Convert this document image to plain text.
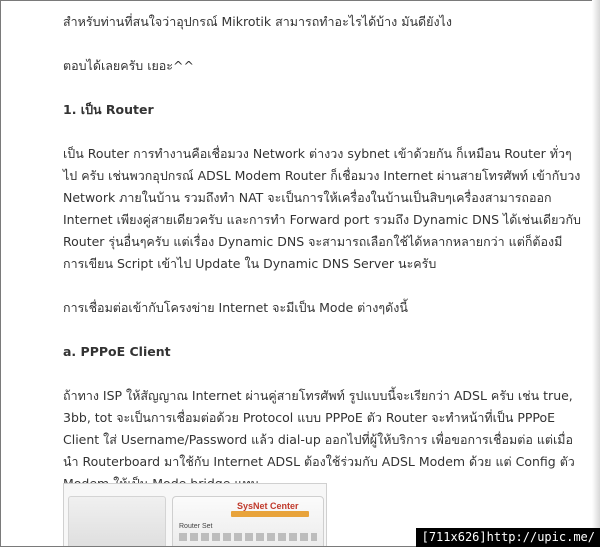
สำหรับท่านที่สนใจว่าอุปกรณ์ Mikrotik สามารถทำอะไรได้บ้าง มันดียังไง

ตอบได้เลยครับ เยอะ^^

1. เป็น Router

เป็น Router การทำงานคือเชื่อมวง Network ต่างวง sybnet เข้าด้วยกัน ก็เหมือน Router ทั่วๆไป ครับ เช่นพวกอุปกรณ์ ADSL Modem Router ก็เชื่อมวง Internet ผ่านสายโทรศัพท์ เข้ากับวง Network ภายในบ้าน รวมถึงทำ NAT จะเป็นการให้เครื่องในบ้านเป็นสิบๆเครื่องสามารถออก Internet เพียงคู่สายเดียวครับ และการทำ Forward port รวมถึง Dynamic DNS ได้เช่นเดียวกับ Router รุ่นอื่นๆครับ แต่เรื่อง Dynamic DNS จะสามารถเลือกใช้ได้หลากหลายกว่า แต่ก็ต้องมีการเขียน Script เข้าไป Update ใน Dynamic DNS Server นะครับ

การเชื่อมต่อเข้ากับโครงข่าย Internet จะมีเป็น Mode ต่างๆดังนี้

a. PPPoE Client

ถ้าทาง ISP ให้สัญญาณ Internet ผ่านคู่สายโทรศัพท์ รูปแบบนี้จะเรียกว่า ADSL ครับ เช่น true, 3bb, tot จะเป็นการเชื่อมต่อด้วย Protocol แบบ PPPoE ตัว Router จะทำหน้าที่เป็น PPPoE Client ใส่ Username/Password แล้ว dial-up ออกไปที่ผู้ให้บริการ เพื่อขอการเชื่อมต่อ แต่เมื่อนำ Routerboard มาใช้กับ Internet ADSL ต้องใช้ร่วมกับ ADSL Modem ด้วย แต่ Config ตัว

SysNet Center
Router Set
[711x626]http://upic.me/
